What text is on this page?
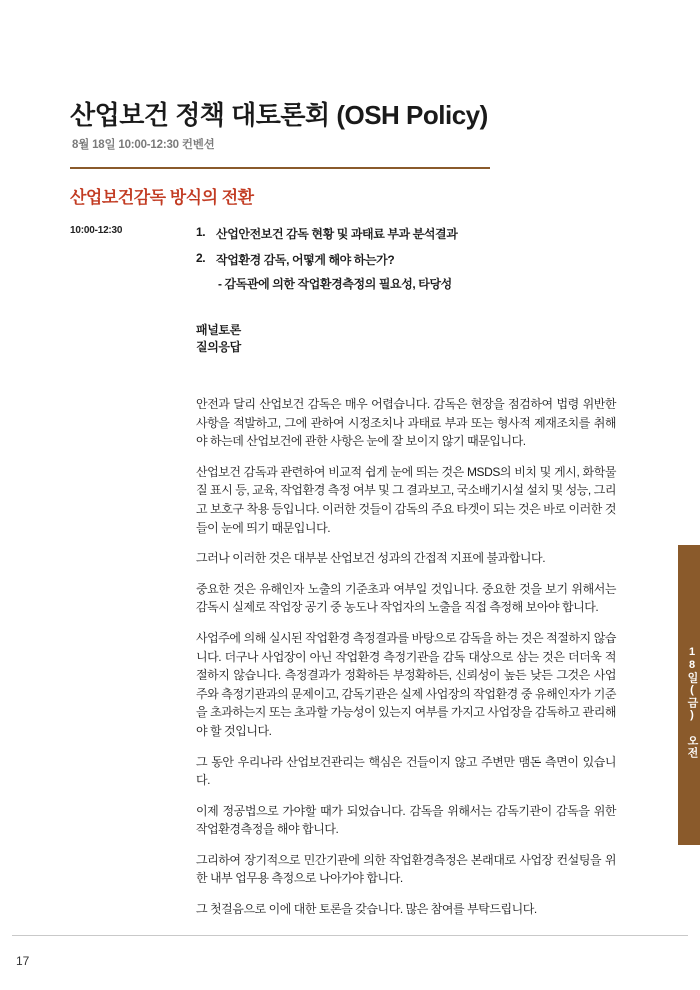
산업보건 정책 대토론회 (OSH Policy)
8월 18일 10:00-12:30 컨벤션
산업보건감독 방식의 전환
10:00-12:30	1. 산업안전보건 감독 현황 및 과태료 부과 분석결과
2. 작업환경 감독, 어떻게 해야 하는가?
- 감독관에 의한 작업환경측정의 필요성, 타당성
패널토론
질의응답

안전과 달리 산업보건 감독은 매우 어렵습니다. 감독은 현장을 점검하여 법령 위반한 사항을 적발하고, 그에 관하여 시정조치나 과태료 부과 또는 형사적 제재조치를 취해야 하는데 산업보건에 관한 사항은 눈에 잘 보이지 않기 때문입니다.

산업보건 감독과 관련하여 비교적 쉽게 눈에 띄는 것은 MSDS의 비치 및 게시, 화학물질 표시 등, 교육, 작업환경 측정 여부 및 그 결과보고, 국소배기시설 설치 및 성능, 그리고 보호구 착용 등입니다. 이러한 것들이 감독의 주요 타겟이 되는 것은 바로 이러한 것들이 눈에 띄기 때문입니다.

그러나 이러한 것은 대부분 산업보건 성과의 간접적 지표에 불과합니다.

중요한 것은 유해인자 노출의 기준초과 여부일 것입니다. 중요한 것을 보기 위해서는 감독시 실제로 작업장 공기 중 농도나 작업자의 노출을 직접 측정해 보아야 합니다.

사업주에 의해 실시된 작업환경 측정결과를 바탕으로 감독을 하는 것은 적절하지 않습니다. 더구나 사업장이 아닌 작업환경 측정기관을 감독 대상으로 삼는 것은 더더욱 적절하지 않습니다. 측정결과가 정확하든 부정확하든, 신뢰성이 높든 낮든 그것은 사업주와 측정기관과의 문제이고, 감독기관은 실제 사업장의 작업환경 중 유해인자가 기준을 초과하는지 또는 초과할 가능성이 있는지 여부를 가지고 사업장을 감독하고 관리해야 할 것입니다.

그 동안 우리나라 산업보건관리는 핵심은 건들이지 않고 주변만 맴돈 측면이 있습니다.

이제 정공법으로 가야할 때가 되었습니다. 감독을 위해서는 감독기관이 감독을 위한 작업환경측정을 해야 합니다.

그리하여 장기적으로 민간기관에 의한 작업환경측정은 본래대로 사업장 컨설팅을 위한 내부 업무용 측정으로 나아가야 합니다.

그 첫걸음으로 이에 대한 토론을 갖습니다. 많은 참여를 부탁드립니다.

18일(금) 오전
17
